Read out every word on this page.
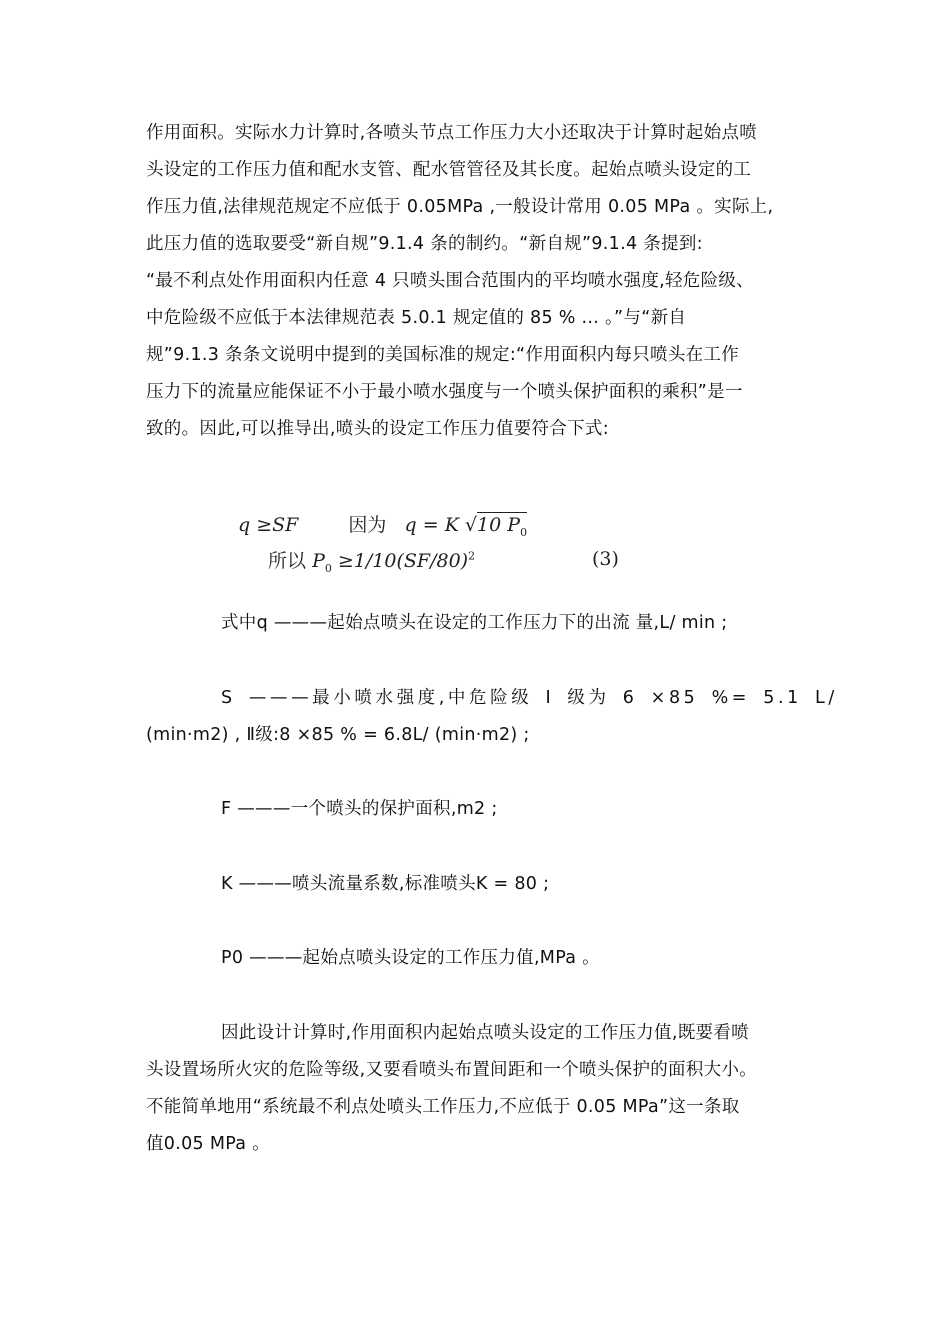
作用面积。实际水力计算时,各喷头节点工作压力大小还取决于计算时起始点喷
头设定的工作压力值和配水支管、配水管管径及其长度。起始点喷头设定的工
作压力值,法律规范规定不应低于 0.05MPa ,一般设计常用 0.05 MPa 。实际上,
此压力值的选取要受“新自规”9.1.4 条的制约。“新自规”9.1.4 条提到:
“最不利点处作用面积内任意 4 只喷头围合范围内的平均喷水强度,轻危险级、
中危险级不应低于本法律规范表 5.0.1 规定值的 85 % ... 。”与“新自
规”9.1.3 条条文说明中提到的美国标准的规定:“作用面积内每只喷头在工作
压力下的流量应能保证不小于最小喷水强度与一个喷头保护面积的乘积”是一
致的。因此,可以推导出,喷头的设定工作压力值要符合下式:
q ≥SF	因为 q = K √10 $P_0$
所以 $P_0 \ge 1/10(SF/80)^2$	(3)
式中q ———起始点喷头在设定的工作压力下的出流 量,L/ min ;
S ———最小喷水强度,中危险级 Ⅰ 级为 6 ×85 %= 5.1 L/
(min·m2) , Ⅱ级:8 ×85 % = 6.8L/ (min·m2) ;
F ———一个喷头的保护面积,m2 ;
K ———喷头流量系数,标准喷头K = 80 ;
P0 ———起始点喷头设定的工作压力值,MPa 。
因此设计计算时,作用面积内起始点喷头设定的工作压力值,既要看喷
头设置场所火灾的危险等级,又要看喷头布置间距和一个喷头保护的面积大小。
不能简单地用“系统最不利点处喷头工作压力,不应低于 0.05 MPa”这一条取
值0.05 MPa 。
